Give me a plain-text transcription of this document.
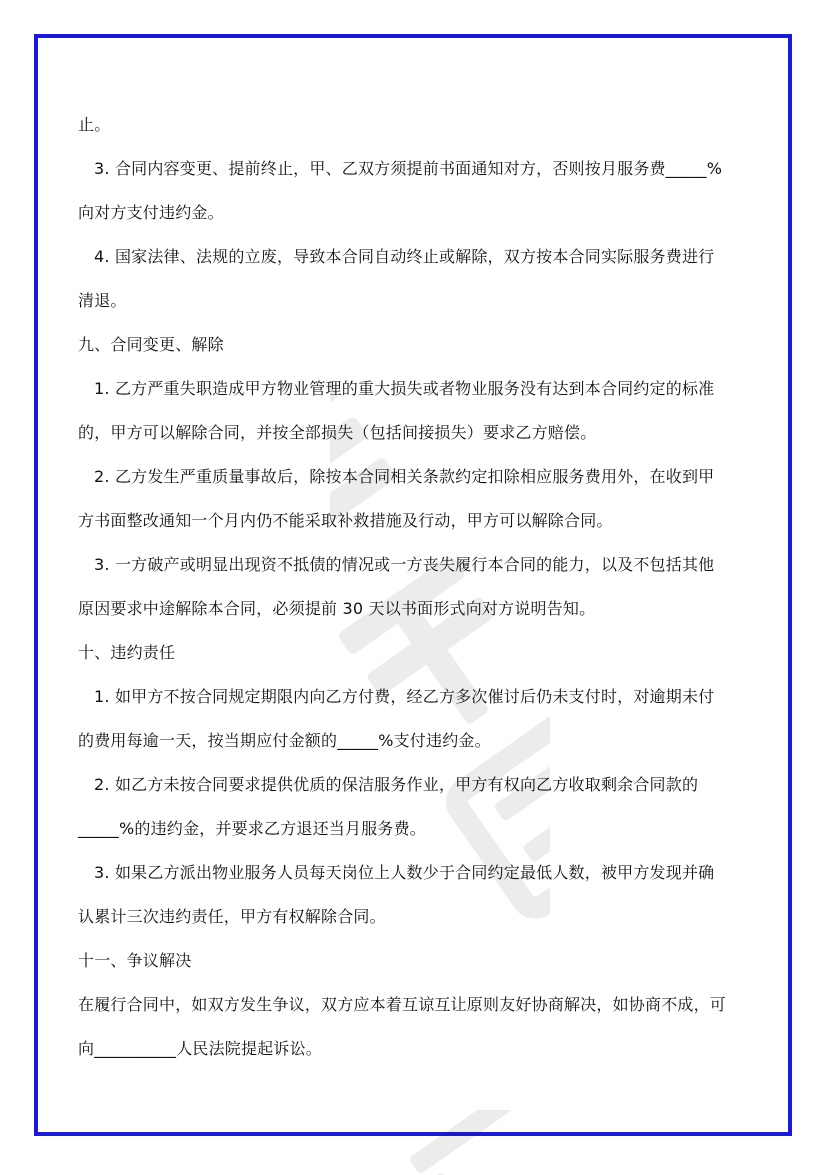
止。
3. 合同内容变更、提前终止，甲、乙双方须提前书面通知对方，否则按月服务费_____%
向对方支付违约金。
4. 国家法律、法规的立废，导致本合同自动终止或解除，双方按本合同实际服务费进行
清退。
九、合同变更、解除
1. 乙方严重失职造成甲方物业管理的重大损失或者物业服务没有达到本合同约定的标准
的，甲方可以解除合同，并按全部损失（包括间接损失）要求乙方赔偿。
2. 乙方发生严重质量事故后，除按本合同相关条款约定扣除相应服务费用外，在收到甲
方书面整改通知一个月内仍不能采取补救措施及行动，甲方可以解除合同。
3. 一方破产或明显出现资不抵债的情况或一方丧失履行本合同的能力，以及不包括其他
原因要求中途解除本合同，必须提前 30 天以书面形式向对方说明告知。
十、违约责任
1. 如甲方不按合同规定期限内向乙方付费，经乙方多次催讨后仍未支付时，对逾期未付
的费用每逾一天，按当期应付金额的_____%支付违约金。
2. 如乙方未按合同要求提供优质的保洁服务作业，甲方有权向乙方收取剩余合同款的
_____%的违约金，并要求乙方退还当月服务费。
3. 如果乙方派出物业服务人员每天岗位上人数少于合同约定最低人数，被甲方发现并确
认累计三次违约责任，甲方有权解除合同。
十一、争议解决
在履行合同中，如双方发生争议，双方应本着互谅互让原则友好协商解决，如协商不成，可
向__________人民法院提起诉讼。
